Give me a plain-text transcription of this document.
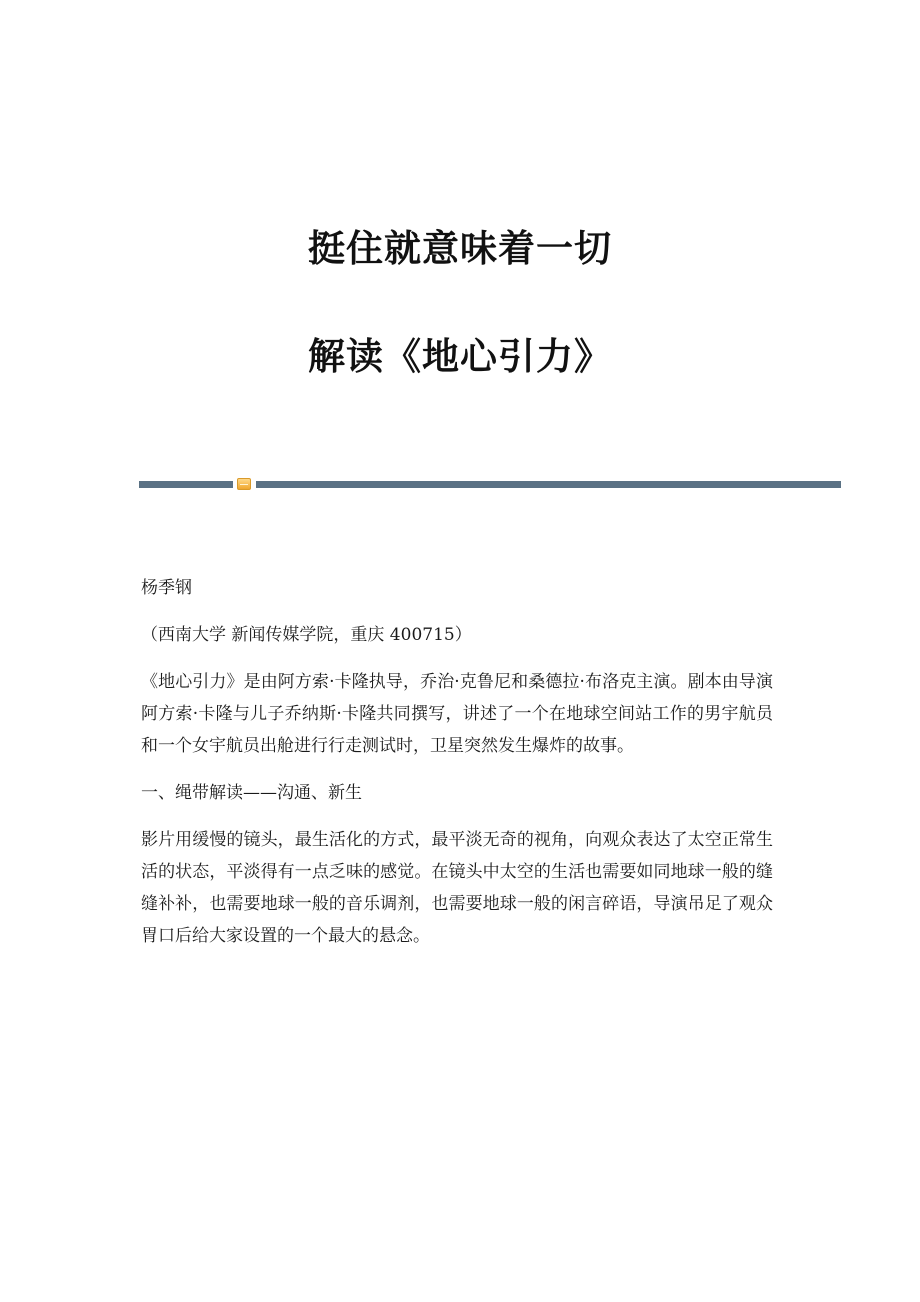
挺住就意味着一切
解读《地心引力》

杨季钢

（西南大学 新闻传媒学院，重庆 400715）

《地心引力》是由阿方索·卡隆执导，乔治·克鲁尼和桑德拉·布洛克主演。剧本由导演阿方索·卡隆与儿子乔纳斯·卡隆共同撰写，讲述了一个在地球空间站工作的男宇航员和一个女宇航员出舱进行行走测试时，卫星突然发生爆炸的故事。

一、绳带解读——沟通、新生

影片用缓慢的镜头，最生活化的方式，最平淡无奇的视角，向观众表达了太空正常生活的状态，平淡得有一点乏味的感觉。在镜头中太空的生活也需要如同地球一般的缝缝补补，也需要地球一般的音乐调剂，也需要地球一般的闲言碎语，导演吊足了观众胃口后给大家设置的一个最大的悬念。
